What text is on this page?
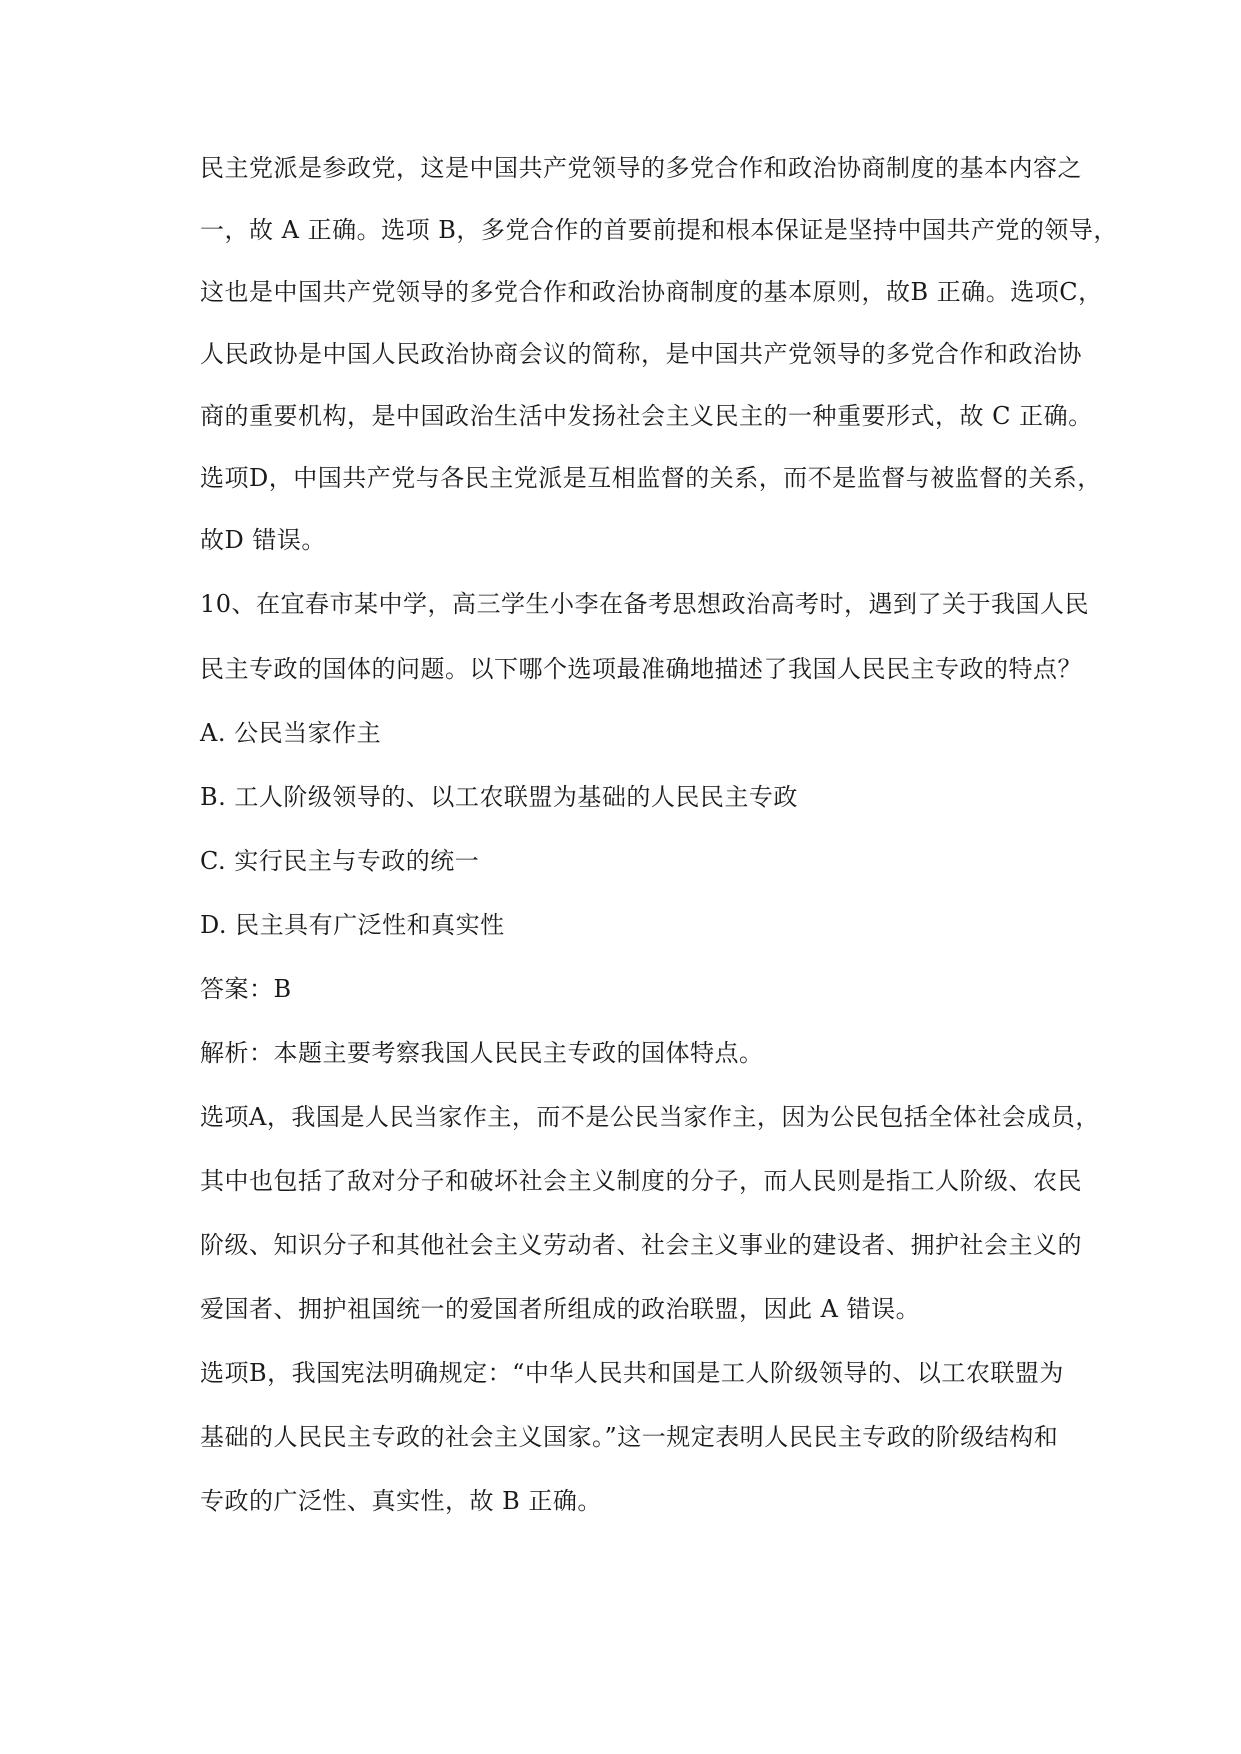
民主党派是参政党，这是中国共产党领导的多党合作和政治协商制度的基本内容之
一，故 A 正确。选项 B，多党合作的首要前提和根本保证是坚持中国共产党的领导，
这也是中国共产党领导的多党合作和政治协商制度的基本原则，故B 正确。选项C，
人民政协是中国人民政治协商会议的简称，是中国共产党领导的多党合作和政治协
商的重要机构，是中国政治生活中发扬社会主义民主的一种重要形式，故 C 正确。
选项D，中国共产党与各民主党派是互相监督的关系，而不是监督与被监督的关系，
故D 错误。
10、在宜春市某中学，高三学生小李在备考思想政治高考时，遇到了关于我国人民
民主专政的国体的问题。以下哪个选项最准确地描述了我国人民民主专政的特点？
A. 公民当家作主
B. 工人阶级领导的、以工农联盟为基础的人民民主专政
C. 实行民主与专政的统一
D. 民主具有广泛性和真实性
答案：B
解析：本题主要考察我国人民民主专政的国体特点。
选项A，我国是人民当家作主，而不是公民当家作主，因为公民包括全体社会成员，
其中也包括了敌对分子和破坏社会主义制度的分子，而人民则是指工人阶级、农民
阶级、知识分子和其他社会主义劳动者、社会主义事业的建设者、拥护社会主义的
爱国者、拥护祖国统一的爱国者所组成的政治联盟，因此 A 错误。
选项B，我国宪法明确规定：“中华人民共和国是工人阶级领导的、以工农联盟为
基础的人民民主专政的社会主义国家。”这一规定表明人民民主专政的阶级结构和
专政的广泛性、真实性，故 B 正确。
